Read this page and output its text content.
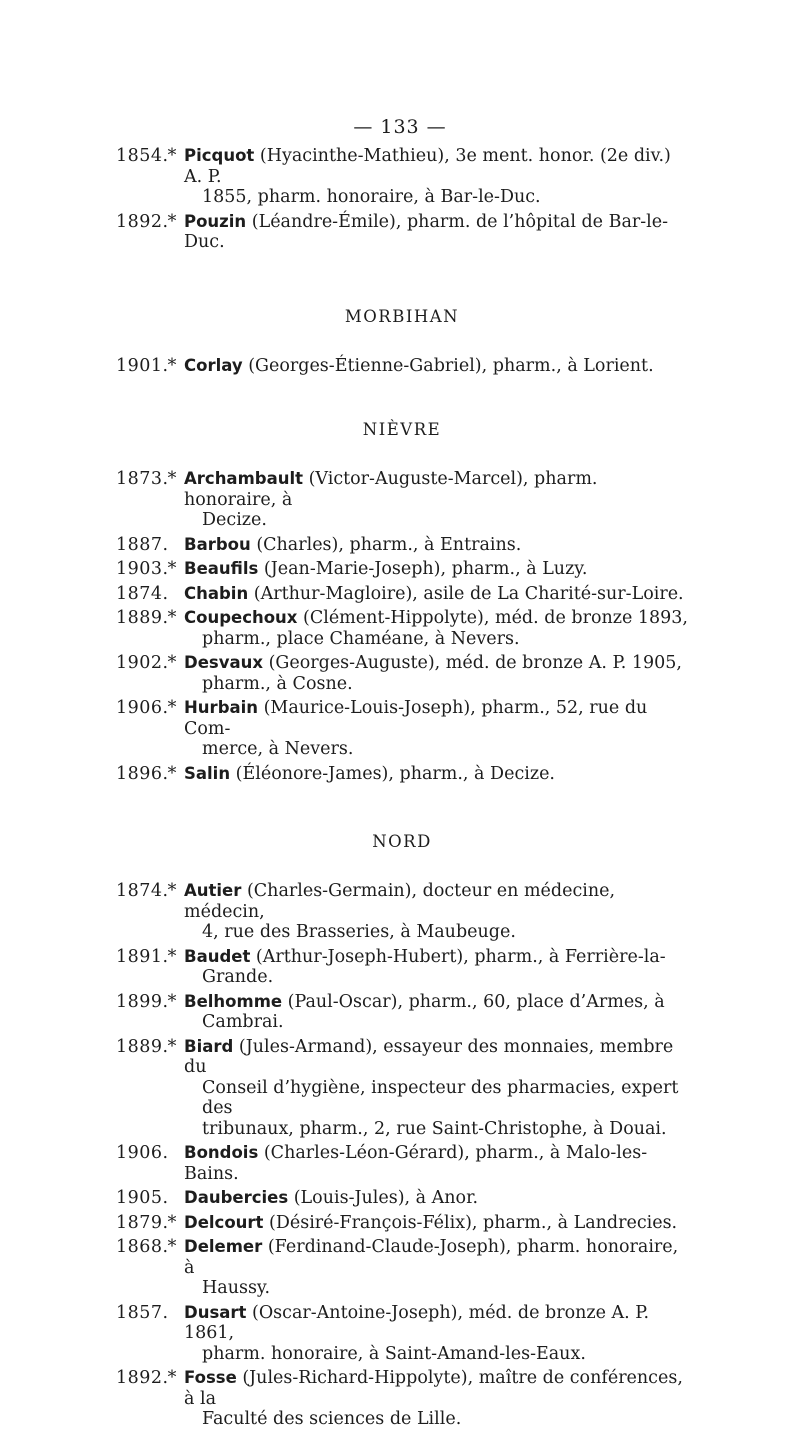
— 133 —
1854. * Picquot (Hyacinthe-Mathieu), 3e ment. honor. (2e div.) A. P.
1855, pharm. honoraire, à Bar-le-Duc.
1892. * Pouzin (Léandre-Émile), pharm. de l’hôpital de Bar-le-Duc.
MORBIHAN
1901. * Corlay (Georges-Étienne-Gabriel), pharm., à Lorient.
NIÈVRE
1873. * Archambault (Victor-Auguste-Marcel), pharm. honoraire, à
Decize.
1887. Barbou (Charles), pharm., à Entrains.
1903. * Beaufils (Jean-Marie-Joseph), pharm., à Luzy.
1874. Chabin (Arthur-Magloire), asile de La Charité-sur-Loire.
1889. * Coupechoux (Clément-Hippolyte), méd. de bronze 1893,
pharm., place Chaméane, à Nevers.
1902. * Desvaux (Georges-Auguste), méd. de bronze A. P. 1905,
pharm., à Cosne.
1906. * Hurbain (Maurice-Louis-Joseph), pharm., 52, rue du Com-
merce, à Nevers.
1896. * Salin (Éléonore-James), pharm., à Decize.
NORD
1874. * Autier (Charles-Germain), docteur en médecine, médecin,
4, rue des Brasseries, à Maubeuge.
1891. * Baudet (Arthur-Joseph-Hubert), pharm., à Ferrière-la-
Grande.
1899. * Belhomme (Paul-Oscar), pharm., 60, place d’Armes, à
Cambrai.
1889. * Biard (Jules-Armand), essayeur des monnaies, membre du
Conseil d’hygiène, inspecteur des pharmacies, expert des
tribunaux, pharm., 2, rue Saint-Christophe, à Douai.
1906. Bondois (Charles-Léon-Gérard), pharm., à Malo-les-Bains.
1905. Daubercies (Louis-Jules), à Anor.
1879. * Delcourt (Désiré-François-Félix), pharm., à Landrecies.
1868. * Delemer (Ferdinand-Claude-Joseph), pharm. honoraire, à
Haussy.
1857. Dusart (Oscar-Antoine-Joseph), méd. de bronze A. P. 1861,
pharm. honoraire, à Saint-Amand-les-Eaux.
1892. * Fosse (Jules-Richard-Hippolyte), maître de conférences, à la
Faculté des sciences de Lille.
